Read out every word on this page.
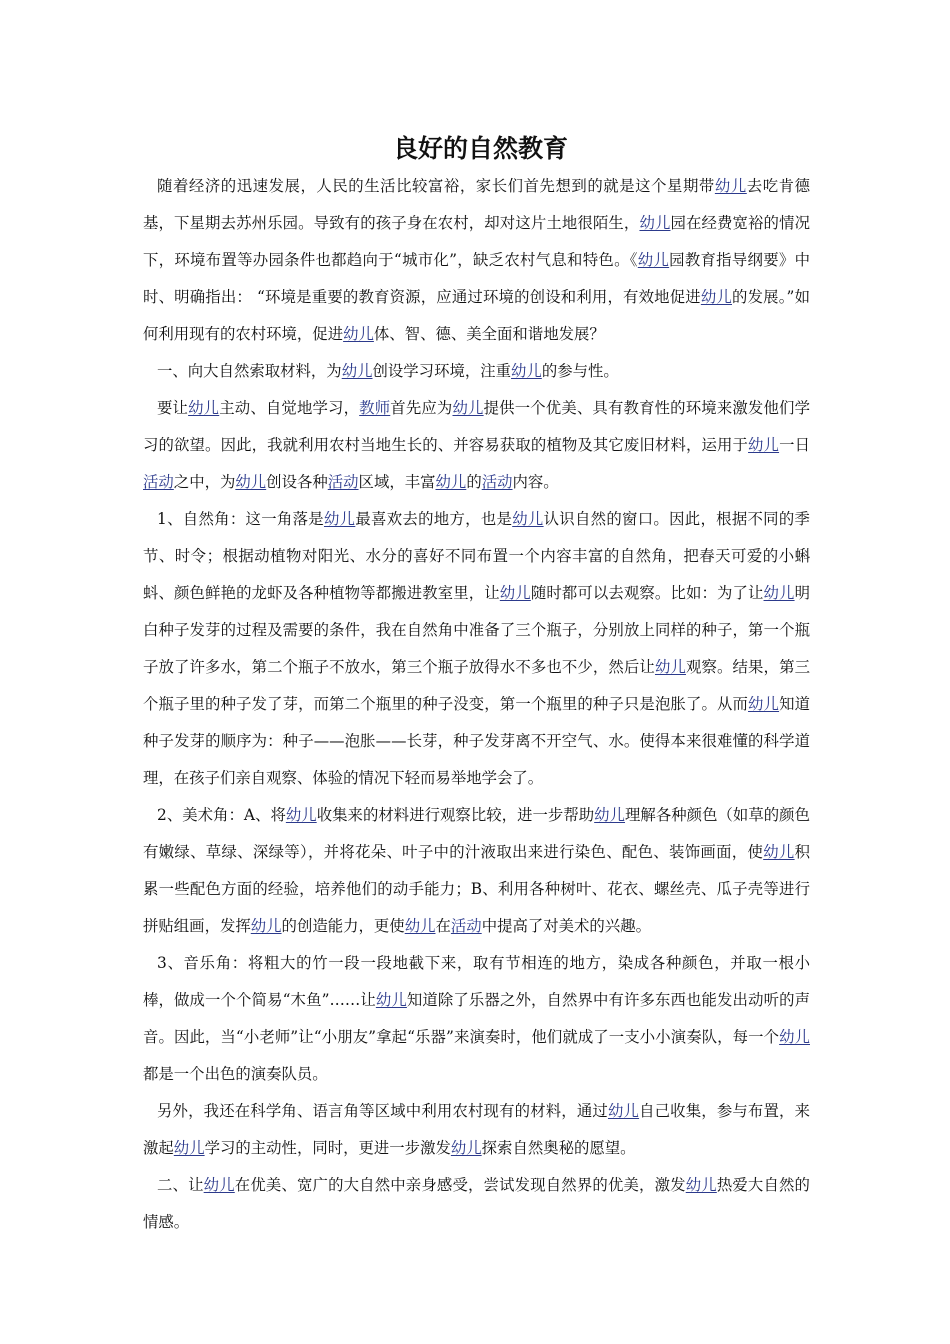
良好的自然教育

随着经济的迅速发展，人民的生活比较富裕，家长们首先想到的就是这个星期带幼儿去吃肯德基，下星期去苏州乐园。导致有的孩子身在农村，却对这片土地很陌生，幼儿园在经费宽裕的情况下，环境布置等办园条件也都趋向于“城市化”，缺乏农村气息和特色。《幼儿园教育指导纲要》中时、明确指出： “环境是重要的教育资源，应通过环境的创设和利用，有效地促进幼儿的发展。”如何利用现有的农村环境，促进幼儿体、智、德、美全面和谐地发展？

一、向大自然索取材料，为幼儿创设学习环境，注重幼儿的参与性。

要让幼儿主动、自觉地学习，教师首先应为幼儿提供一个优美、具有教育性的环境来激发他们学习的欲望。因此，我就利用农村当地生长的、并容易获取的植物及其它废旧材料，运用于幼儿一日活动之中，为幼儿创设各种活动区域，丰富幼儿的活动内容。

1、自然角：这一角落是幼儿最喜欢去的地方，也是幼儿认识自然的窗口。因此，根据不同的季节、时令；根据动植物对阳光、水分的喜好不同布置一个内容丰富的自然角，把春天可爱的小蝌蚪、颜色鲜艳的龙虾及各种植物等都搬进教室里，让幼儿随时都可以去观察。比如：为了让幼儿明白种子发芽的过程及需要的条件，我在自然角中准备了三个瓶子，分别放上同样的种子，第一个瓶子放了许多水，第二个瓶子不放水，第三个瓶子放得水不多也不少，然后让幼儿观察。结果，第三个瓶子里的种子发了芽，而第二个瓶里的种子没变，第一个瓶里的种子只是泡胀了。从而幼儿知道种子发芽的顺序为：种子——泡胀——长芽，种子发芽离不开空气、水。使得本来很难懂的科学道理，在孩子们亲自观察、体验的情况下轻而易举地学会了。

2、美术角：A、将幼儿收集来的材料进行观察比较，进一步帮助幼儿理解各种颜色（如草的颜色有嫩绿、草绿、深绿等），并将花朵、叶子中的汁液取出来进行染色、配色、装饰画面，使幼儿积累一些配色方面的经验，培养他们的动手能力；B、利用各种树叶、花衣、螺丝壳、瓜子壳等进行拼贴组画，发挥幼儿的创造能力，更使幼儿在活动中提高了对美术的兴趣。

3、音乐角：将粗大的竹一段一段地截下来，取有节相连的地方，染成各种颜色，并取一根小棒，做成一个个简易“木鱼”……让幼儿知道除了乐器之外，自然界中有许多东西也能发出动听的声音。因此，当“小老师”让“小朋友”拿起“乐器”来演奏时，他们就成了一支小小演奏队，每一个幼儿都是一个出色的演奏队员。

另外，我还在科学角、语言角等区域中利用农村现有的材料，通过幼儿自己收集，参与布置，来激起幼儿学习的主动性，同时，更进一步激发幼儿探索自然奥秘的愿望。

二、让幼儿在优美、宽广的大自然中亲身感受，尝试发现自然界的优美，激发幼儿热爱大自然的情感。
